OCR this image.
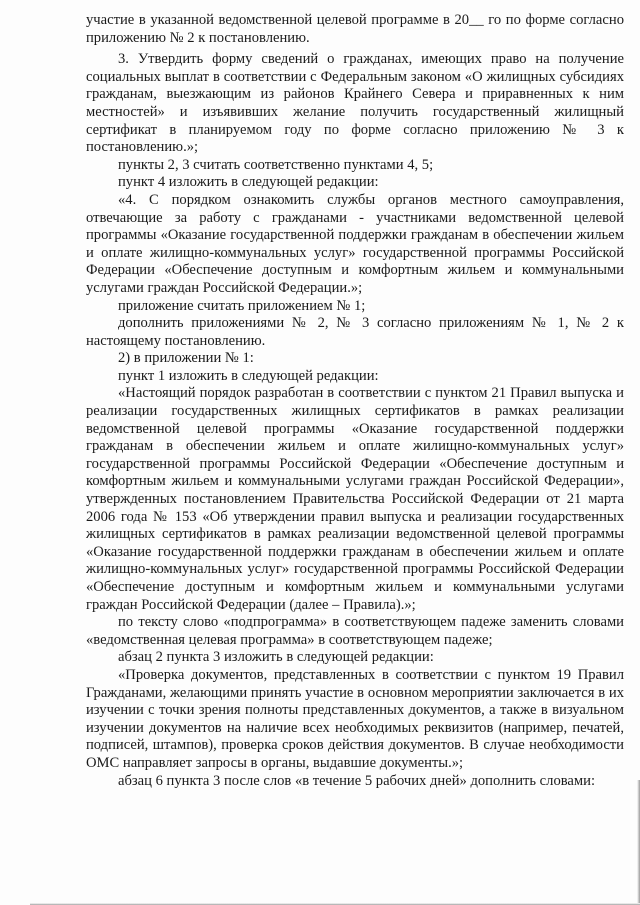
участие в указанной ведомственной целевой программе в 20__ го по форме согласно приложению № 2 к постановлению.

3. Утвердить форму сведений о гражданах, имеющих право на получение социальных выплат в соответствии с Федеральным законом «О жилищных субсидиях гражданам, выезжающим из районов Крайнего Севера и приравненных к ним местностей» и изъявивших желание получить государственный жилищный сертификат в планируемом году по форме согласно приложению № 3 к постановлению.»;

пункты 2, 3 считать соответственно пунктами 4, 5;

пункт 4 изложить в следующей редакции:

«4. С порядком ознакомить службы органов местного самоуправления, отвечающие за работу с гражданами - участниками ведомственной целевой программы «Оказание государственной поддержки гражданам в обеспечении жильем и оплате жилищно-коммунальных услуг» государственной программы Российской Федерации «Обеспечение доступным и комфортным жильем и коммунальными услугами граждан Российской Федерации.»;

приложение считать приложением № 1;

дополнить приложениями № 2, № 3 согласно приложениям № 1, № 2 к настоящему постановлению.

2) в приложении № 1:

пункт 1 изложить в следующей редакции:

«Настоящий порядок разработан в соответствии с пунктом 21 Правил выпуска и реализации государственных жилищных сертификатов в рамках реализации ведомственной целевой программы «Оказание государственной поддержки гражданам в обеспечении жильем и оплате жилищно-коммунальных услуг» государственной программы Российской Федерации «Обеспечение доступным и комфортным жильем и коммунальными услугами граждан Российской Федерации», утвержденных постановлением Правительства Российской Федерации от 21 марта 2006 года № 153 «Об утверждении правил выпуска и реализации государственных жилищных сертификатов в рамках реализации ведомственной целевой программы «Оказание государственной поддержки гражданам в обеспечении жильем и оплате жилищно-коммунальных услуг» государственной программы Российской Федерации «Обеспечение доступным и комфортным жильем и коммунальными услугами граждан Российской Федерации (далее – Правила).»;

по тексту слово «подпрограмма» в соответствующем падеже заменить словами «ведомственная целевая программа» в соответствующем падеже;

абзац 2 пункта 3 изложить в следующей редакции:

«Проверка документов, представленных в соответствии с пунктом 19 Правил Гражданами, желающими принять участие в основном мероприятии заключается в их изучении с точки зрения полноты представленных документов, а также в визуальном изучении документов на наличие всех необходимых реквизитов (например, печатей, подписей, штампов), проверка сроков действия документов. В случае необходимости ОМС направляет запросы в органы, выдавшие документы.»;

абзац 6 пункта 3 после слов «в течение 5 рабочих дней» дополнить словами:
